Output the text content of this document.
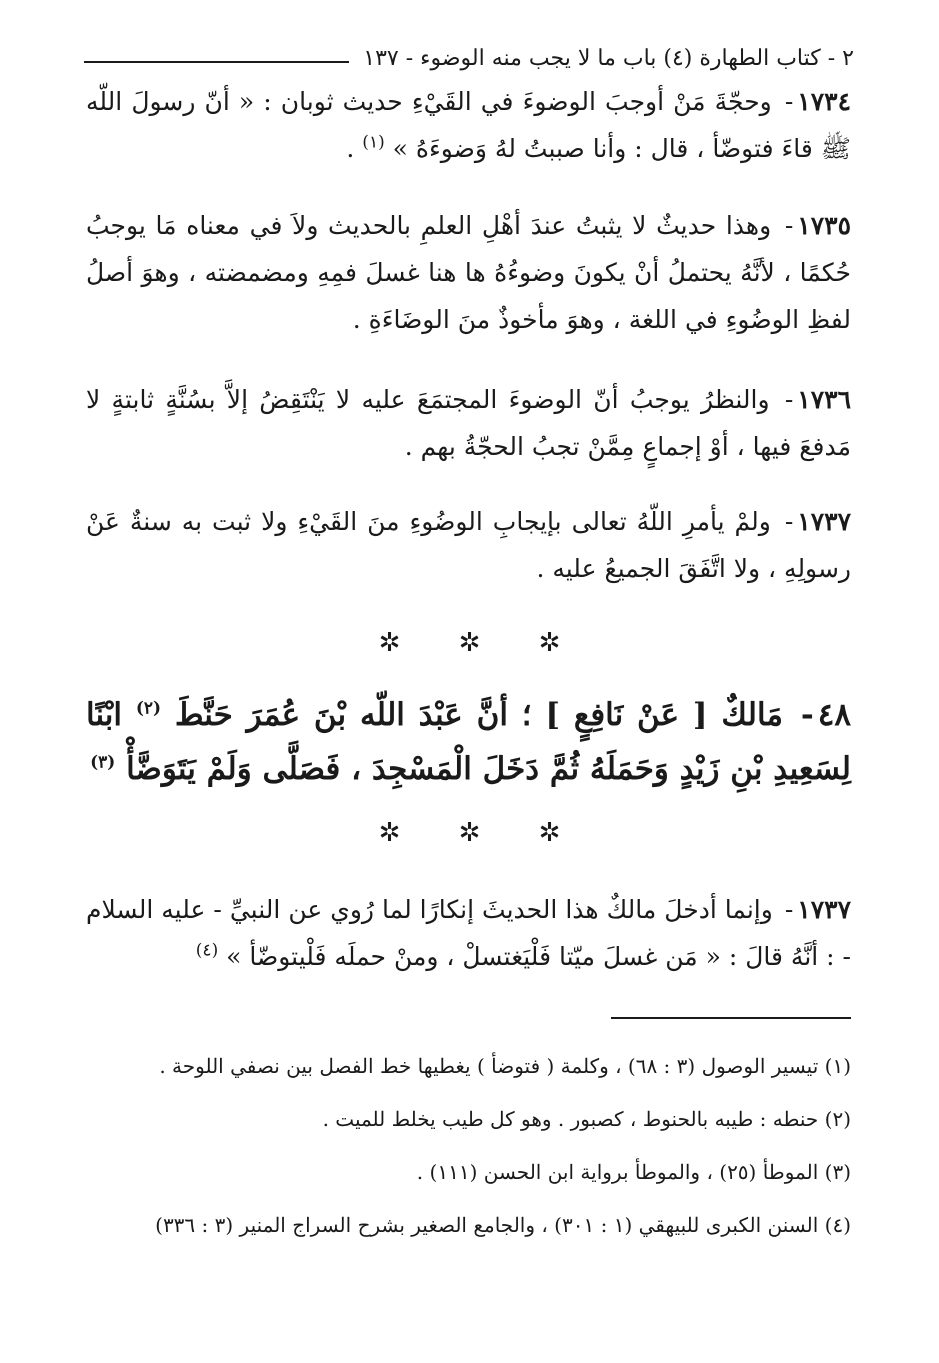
٢ - كتاب الطهارة (٤) باب ما لا يجب منه الوضوء - ١٣٧

١٧٣٤- وحجّةَ مَنْ أوجبَ الوضوءَ في القَيْءِ حديث ثوبان : « أنّ رسولَ اللّه ﷺ قاءَ فتوضّأ ، قال : وأنا صببتُ لهُ وَضوءَهُ » $^{(١)}$ .

١٧٣٥- وهذا حديثٌ لا يثبتُ عندَ أهْلِ العلمِ بالحديث ولاَ في معناه مَا يوجبُ حُكمًا ، لأنَّهُ يحتملُ أنْ يكونَ وضوءُهُ ها هنا غسلَ فمِهِ ومضمضته ، وهوَ أصلُ لفظِ الوضُوءِ في اللغة ، وهوَ مأخوذٌ منَ الوضَاءَةِ .

١٧٣٦- والنظرُ يوجبُ أنّ الوضوءَ المجتمَعَ عليه لا يَنْتَقِضُ إلاَّ بسُنَّةٍ ثابتةٍ لا مَدفعَ فيها ، أوْ إجماعٍ مِمَّنْ تجبُ الحجّةُ بهم .

١٧٣٧- ولمْ يأمرِ اللّهُ تعالى بإيجابِ الوضُوءِ منَ القَيْءِ ولا ثبت به سنةٌ عَنْ رسولِهِ ، ولا اتَّفَقَ الجميعُ عليه .

✲ ✲ ✲

٤٨- مَالكٌ [ عَنْ نَافِعٍ ] ؛ أنَّ عَبْدَ اللّه بْنَ عُمَرَ حَنَّطَ $^{(٢)}$ ابْنًا لِسَعِيدِ بْنِ زَيْدٍ وَحَمَلَهُ ثُمَّ دَخَلَ الْمَسْجِدَ ، فَصَلَّى وَلَمْ يَتَوَضَّأْ $^{(٣)}$

✲ ✲ ✲

١٧٣٧- وإنما أدخلَ مالكٌ هذا الحديثَ إنكارًا لما رُوي عن النبيِّ - عليه السلام - : أنَّهُ قالَ : « مَن غسلَ ميّتا فَلْيَغتسلْ ، ومنْ حملَه فَلْيتوضّأ » $^{(٤)}$

(١) تيسير الوصول (٣ : ٦٨) ، وكلمة ( فتوضأ ) يغطيها خط الفصل بين نصفي اللوحة .
(٢) حنطه : طيبه بالحنوط ، كصبور . وهو كل طيب يخلط للميت .
(٣) الموطأ (٢٥) ، والموطأ برواية ابن الحسن (١١١) .
(٤) السنن الكبرى للبيهقي (١ : ٣٠١) ، والجامع الصغير بشرح السراج المنير (٣ : ٣٣٦)
